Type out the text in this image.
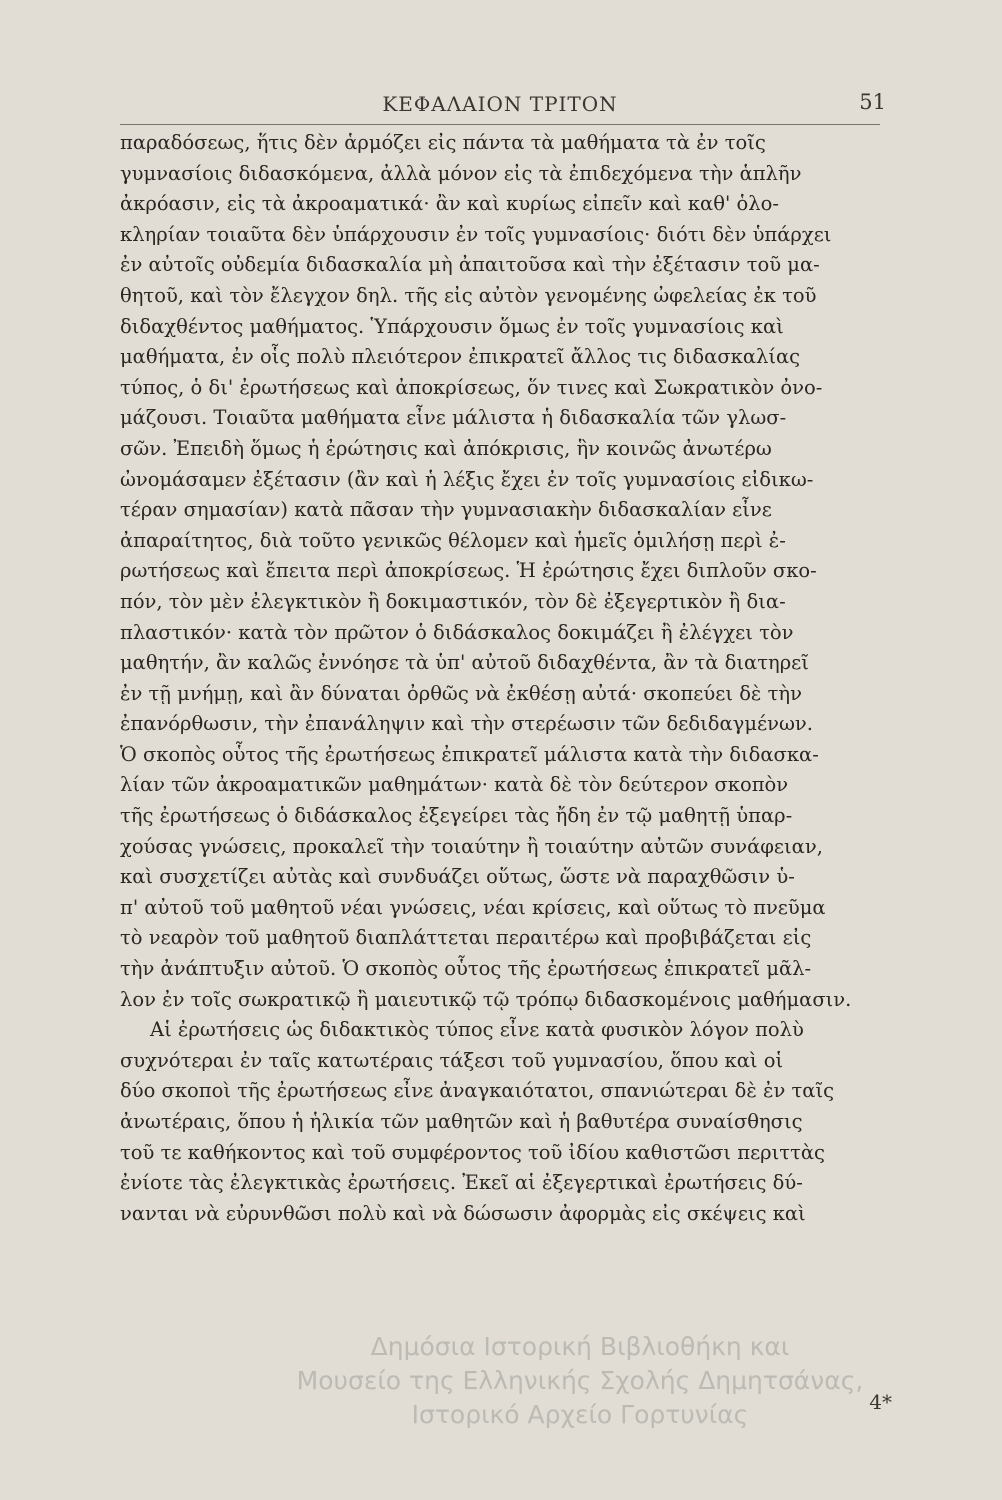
ΚΕΦΑΛΑΙΟΝ ΤΡΙΤΟΝ	51
παραδόσεως, ἥτις δὲν ἁρμόζει εἰς πάντα τὰ μαθήματα τὰ ἐν τοῖς
γυμνασίοις διδασκόμενα, ἀλλὰ μόνον εἰς τὰ ἐπιδεχόμενα τὴν ἁπλῆν
ἀκρόασιν, εἰς τὰ ἀκροαματικά· ἂν καὶ κυρίως εἰπεῖν καὶ καθ' ὁλο-
κληρίαν τοιαῦτα δὲν ὑπάρχουσιν ἐν τοῖς γυμνασίοις· διότι δὲν ὑπάρχει
ἐν αὐτοῖς οὐδεμία διδασκαλία μὴ ἀπαιτοῦσα καὶ τὴν ἐξέτασιν τοῦ μα-
θητοῦ, καὶ τὸν ἔλεγχον δηλ. τῆς εἰς αὐτὸν γενομένης ὠφελείας ἐκ τοῦ
διδαχθέντος μαθήματος. Ὑπάρχουσιν ὅμως ἐν τοῖς γυμνασίοις καὶ
μαθήματα, ἐν οἷς πολὺ πλειότερον ἐπικρατεῖ ἄλλος τις διδασκαλίας
τύπος, ὁ δι' ἐρωτήσεως καὶ ἀποκρίσεως, ὅν τινες καὶ Σωκρατικὸν ὀνο-
μάζουσι. Τοιαῦτα μαθήματα εἶνε μάλιστα ἡ διδασκαλία τῶν γλωσ-
σῶν. Ἐπειδὴ ὅμως ἡ ἐρώτησις καὶ ἀπόκρισις, ἣν κοινῶς ἀνωτέρω
ὠνομάσαμεν ἐξέτασιν (ἂν καὶ ἡ λέξις ἔχει ἐν τοῖς γυμνασίοις εἰδικω-
τέραν σημασίαν) κατὰ πᾶσαν τὴν γυμνασιακὴν διδασκαλίαν εἶνε
ἀπαραίτητος, διὰ τοῦτο γενικῶς θέλομεν καὶ ἡμεῖς ὁμιλήσῃ περὶ ἐ-
ρωτήσεως καὶ ἔπειτα περὶ ἀποκρίσεως. Ἡ ἐρώτησις ἔχει διπλοῦν σκο-
πόν, τὸν μὲν ἐλεγκτικὸν ἢ δοκιμαστικόν, τὸν δὲ ἐξεγερτικὸν ἢ δια-
πλαστικόν· κατὰ τὸν πρῶτον ὁ διδάσκαλος δοκιμάζει ἢ ἐλέγχει τὸν
μαθητήν, ἂν καλῶς ἐννόησε τὰ ὑπ' αὐτοῦ διδαχθέντα, ἂν τὰ διατηρεῖ
ἐν τῇ μνήμῃ, καὶ ἂν δύναται ὀρθῶς νὰ ἐκθέσῃ αὐτά· σκοπεύει δὲ τὴν
ἐπανόρθωσιν, τὴν ἐπανάληψιν καὶ τὴν στερέωσιν τῶν δεδιδαγμένων.
Ὁ σκοπὸς οὗτος τῆς ἐρωτήσεως ἐπικρατεῖ μάλιστα κατὰ τὴν διδασκα-
λίαν τῶν ἀκροαματικῶν μαθημάτων· κατὰ δὲ τὸν δεύτερον σκοπὸν
τῆς ἐρωτήσεως ὁ διδάσκαλος ἐξεγείρει τὰς ἤδη ἐν τῷ μαθητῇ ὑπαρ-
χούσας γνώσεις, προκαλεῖ τὴν τοιαύτην ἢ τοιαύτην αὐτῶν συνάφειαν,
καὶ συσχετίζει αὐτὰς καὶ συνδυάζει οὕτως, ὥστε νὰ παραχθῶσιν ὑ-
π' αὐτοῦ τοῦ μαθητοῦ νέαι γνώσεις, νέαι κρίσεις, καὶ οὕτως τὸ πνεῦμα
τὸ νεαρὸν τοῦ μαθητοῦ διαπλάττεται περαιτέρω καὶ προβιβάζεται εἰς
τὴν ἀνάπτυξιν αὐτοῦ. Ὁ σκοπὸς οὗτος τῆς ἐρωτήσεως ἐπικρατεῖ μᾶλ-
λον ἐν τοῖς σωκρατικῷ ἢ μαιευτικῷ τῷ τρόπῳ διδασκομένοις μαθήμασιν.
Αἱ ἐρωτήσεις ὡς διδακτικὸς τύπος εἶνε κατὰ φυσικὸν λόγον πολὺ
συχνότεραι ἐν ταῖς κατωτέραις τάξεσι τοῦ γυμνασίου, ὅπου καὶ οἱ
δύο σκοποὶ τῆς ἐρωτήσεως εἶνε ἀναγκαιότατοι, σπανιώτεραι δὲ ἐν ταῖς
ἀνωτέραις, ὅπου ἡ ἡλικία τῶν μαθητῶν καὶ ἡ βαθυτέρα συναίσθησις
τοῦ τε καθήκοντος καὶ τοῦ συμφέροντος τοῦ ἰδίου καθιστῶσι περιττὰς
ἐνίοτε τὰς ἐλεγκτικὰς ἐρωτήσεις. Ἐκεῖ αἱ ἐξεγερτικαὶ ἐρωτήσεις δύ-
νανται νὰ εὐρυνθῶσι πολὺ καὶ νὰ δώσωσιν ἀφορμὰς εἰς σκέψεις καὶ
Δημόσια Ιστορική Βιβλιοθήκη και
Μουσείο της Ελληνικής Σχολής Δημητσάνας,
Ιστορικό Αρχείο Γορτυνίας	4*
